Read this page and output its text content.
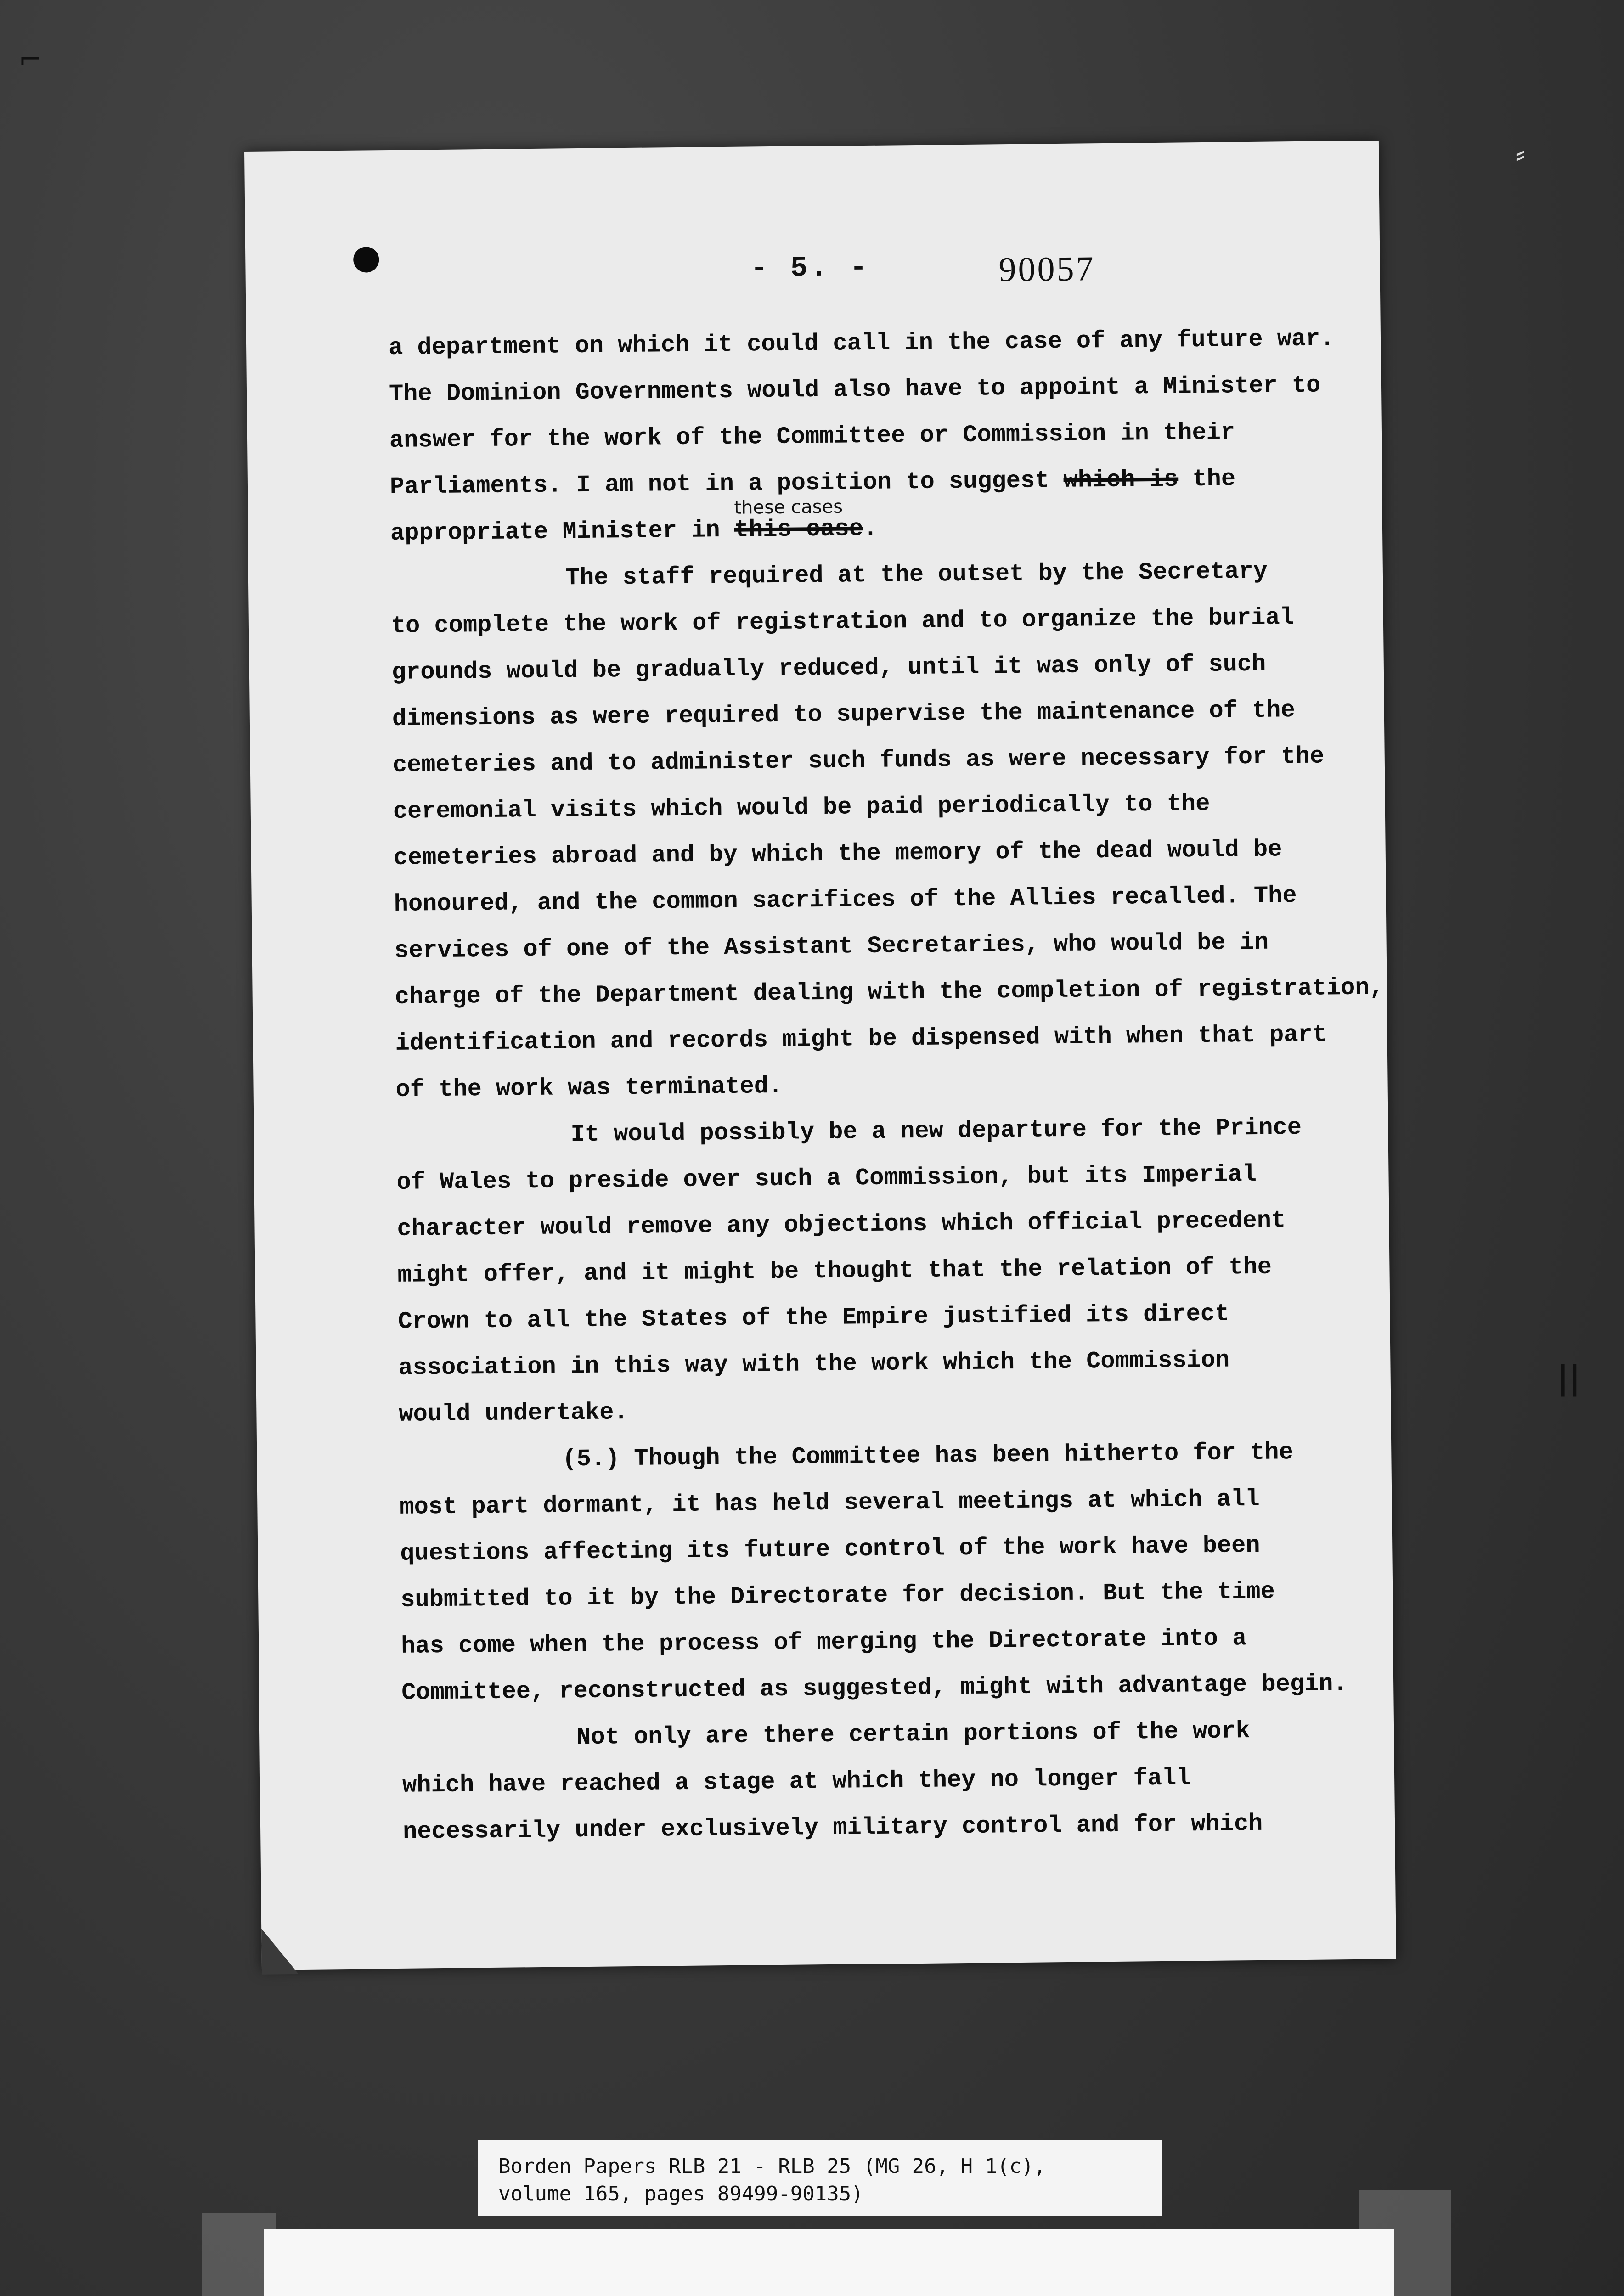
⌐
⸗
||
- 5. -	90057
a department on which it could call in the case of any future war.
The Dominion Governments would also have to appoint a Minister to
answer for the work of the Committee or Commission in their
Parliaments. I am not in a position to suggest which is the
appropriate Minister in
these cases
this case.
The staff required at the outset by the Secretary
to complete the work of registration and to organize the burial
grounds would be gradually reduced, until it was only of such
dimensions as were required to supervise the maintenance of the
cemeteries and to administer such funds as were necessary for the
ceremonial visits which would be paid periodically to the
cemeteries abroad and by which the memory of the dead would be
honoured, and the common sacrifices of the Allies recalled. The
services of one of the Assistant Secretaries, who would be in
charge of the Department dealing with the completion of registration,
identification and records might be dispensed with when that part
of the work was terminated.
It would possibly be a new departure for the Prince
of Wales to preside over such a Commission, but its Imperial
character would remove any objections which official precedent
might offer, and it might be thought that the relation of the
Crown to all the States of the Empire justified its direct
association in this way with the work which the Commission
would undertake.
(5.) Though the Committee has been hitherto for the
most part dormant, it has held several meetings at which all
questions affecting its future control of the work have been
submitted to it by the Directorate for decision. But the time
has come when the process of merging the Directorate into a
Committee, reconstructed as suggested, might with advantage begin.
Not only are there certain portions of the work
which have reached a stage at which they no longer fall
necessarily under exclusively military control and for which
Borden Papers RLB 21 - RLB 25 (MG 26, H 1(c),
volume 165, pages 89499-90135)
